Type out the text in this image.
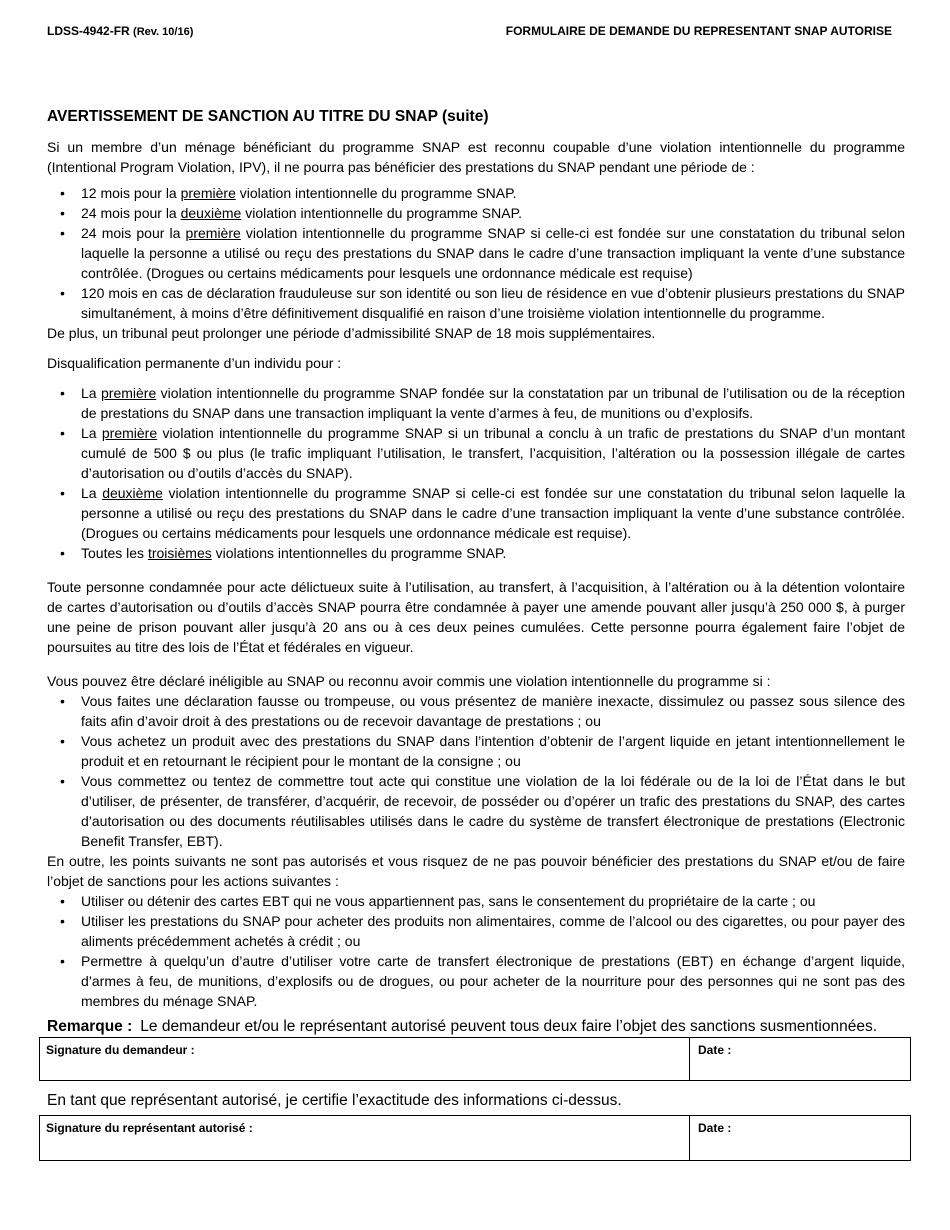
LDSS-4942-FR (Rev. 10/16)	FORMULAIRE DE DEMANDE DU REPRESENTANT SNAP AUTORISE
AVERTISSEMENT DE SANCTION AU TITRE DU SNAP (suite)

Si un membre d’un ménage bénéficiant du programme SNAP est reconnu coupable d’une violation intentionnelle du programme (Intentional Program Violation, IPV), il ne pourra pas bénéficier des prestations du SNAP pendant une période de :

• 12 mois pour la première violation intentionnelle du programme SNAP.
• 24 mois pour la deuxième violation intentionnelle du programme SNAP.
• 24 mois pour la première violation intentionnelle du programme SNAP si celle-ci est fondée sur une constatation du tribunal selon laquelle la personne a utilisé ou reçu des prestations du SNAP dans le cadre d’une transaction impliquant la vente d’une substance contrôlée. (Drogues ou certains médicaments pour lesquels une ordonnance médicale est requise)
• 120 mois en cas de déclaration frauduleuse sur son identité ou son lieu de résidence en vue d’obtenir plusieurs prestations du SNAP simultanément, à moins d’être définitivement disqualifié en raison d’une troisième violation intentionnelle du programme.

De plus, un tribunal peut prolonger une période d’admissibilité SNAP de 18 mois supplémentaires.

Disqualification permanente d’un individu pour :

• La première violation intentionnelle du programme SNAP fondée sur la constatation par un tribunal de l’utilisation ou de la réception de prestations du SNAP dans une transaction impliquant la vente d’armes à feu, de munitions ou d’explosifs.
• La première violation intentionnelle du programme SNAP si un tribunal a conclu à un trafic de prestations du SNAP d’un montant cumulé de 500 $ ou plus (le trafic impliquant l’utilisation, le transfert, l’acquisition, l’altération ou la possession illégale de cartes d’autorisation ou d’outils d’accès du SNAP).
• La deuxième violation intentionnelle du programme SNAP si celle-ci est fondée sur une constatation du tribunal selon laquelle la personne a utilisé ou reçu des prestations du SNAP dans le cadre d’une transaction impliquant la vente d’une substance contrôlée. (Drogues ou certains médicaments pour lesquels une ordonnance médicale est requise).
• Toutes les troisièmes violations intentionnelles du programme SNAP.

Toute personne condamnée pour acte délictueux suite à l’utilisation, au transfert, à l’acquisition, à l’altération ou à la détention volontaire de cartes d’autorisation ou d’outils d’accès SNAP pourra être condamnée à payer une amende pouvant aller jusqu’à 250 000 $, à purger une peine de prison pouvant aller jusqu’à 20 ans ou à ces deux peines cumulées. Cette personne pourra également faire l’objet de poursuites au titre des lois de l’État et fédérales en vigueur.

Vous pouvez être déclaré inéligible au SNAP ou reconnu avoir commis une violation intentionnelle du programme si :

• Vous faites une déclaration fausse ou trompeuse, ou vous présentez de manière inexacte, dissimulez ou passez sous silence des faits afin d’avoir droit à des prestations ou de recevoir davantage de prestations ; ou
• Vous achetez un produit avec des prestations du SNAP dans l’intention d’obtenir de l’argent liquide en jetant intentionnellement le produit et en retournant le récipient pour le montant de la consigne ; ou
• Vous commettez ou tentez de commettre tout acte qui constitue une violation de la loi fédérale ou de la loi de l’État dans le but d’utiliser, de présenter, de transférer, d’acquérir, de recevoir, de posséder ou d’opérer un trafic des prestations du SNAP, des cartes d’autorisation ou des documents réutilisables utilisés dans le cadre du système de transfert électronique de prestations (Electronic Benefit Transfer, EBT).

En outre, les points suivants ne sont pas autorisés et vous risquez de ne pas pouvoir bénéficier des prestations du SNAP et/ou de faire l’objet de sanctions pour les actions suivantes :

• Utiliser ou détenir des cartes EBT qui ne vous appartiennent pas, sans le consentement du propriétaire de la carte ; ou
• Utiliser les prestations du SNAP pour acheter des produits non alimentaires, comme de l’alcool ou des cigarettes, ou pour payer des aliments précédemment achetés à crédit ; ou
• Permettre à quelqu’un d’autre d’utiliser votre carte de transfert électronique de prestations (EBT) en échange d’argent liquide, d’armes à feu, de munitions, d’explosifs ou de drogues, ou pour acheter de la nourriture pour des personnes qui ne sont pas des membres du ménage SNAP.
Remarque : Le demandeur et/ou le représentant autorisé peuvent tous deux faire l’objet des sanctions susmentionnées.
Signature du demandeur :	Date :
En tant que représentant autorisé, je certifie l’exactitude des informations ci-dessus.
Signature du représentant autorisé :	Date :
